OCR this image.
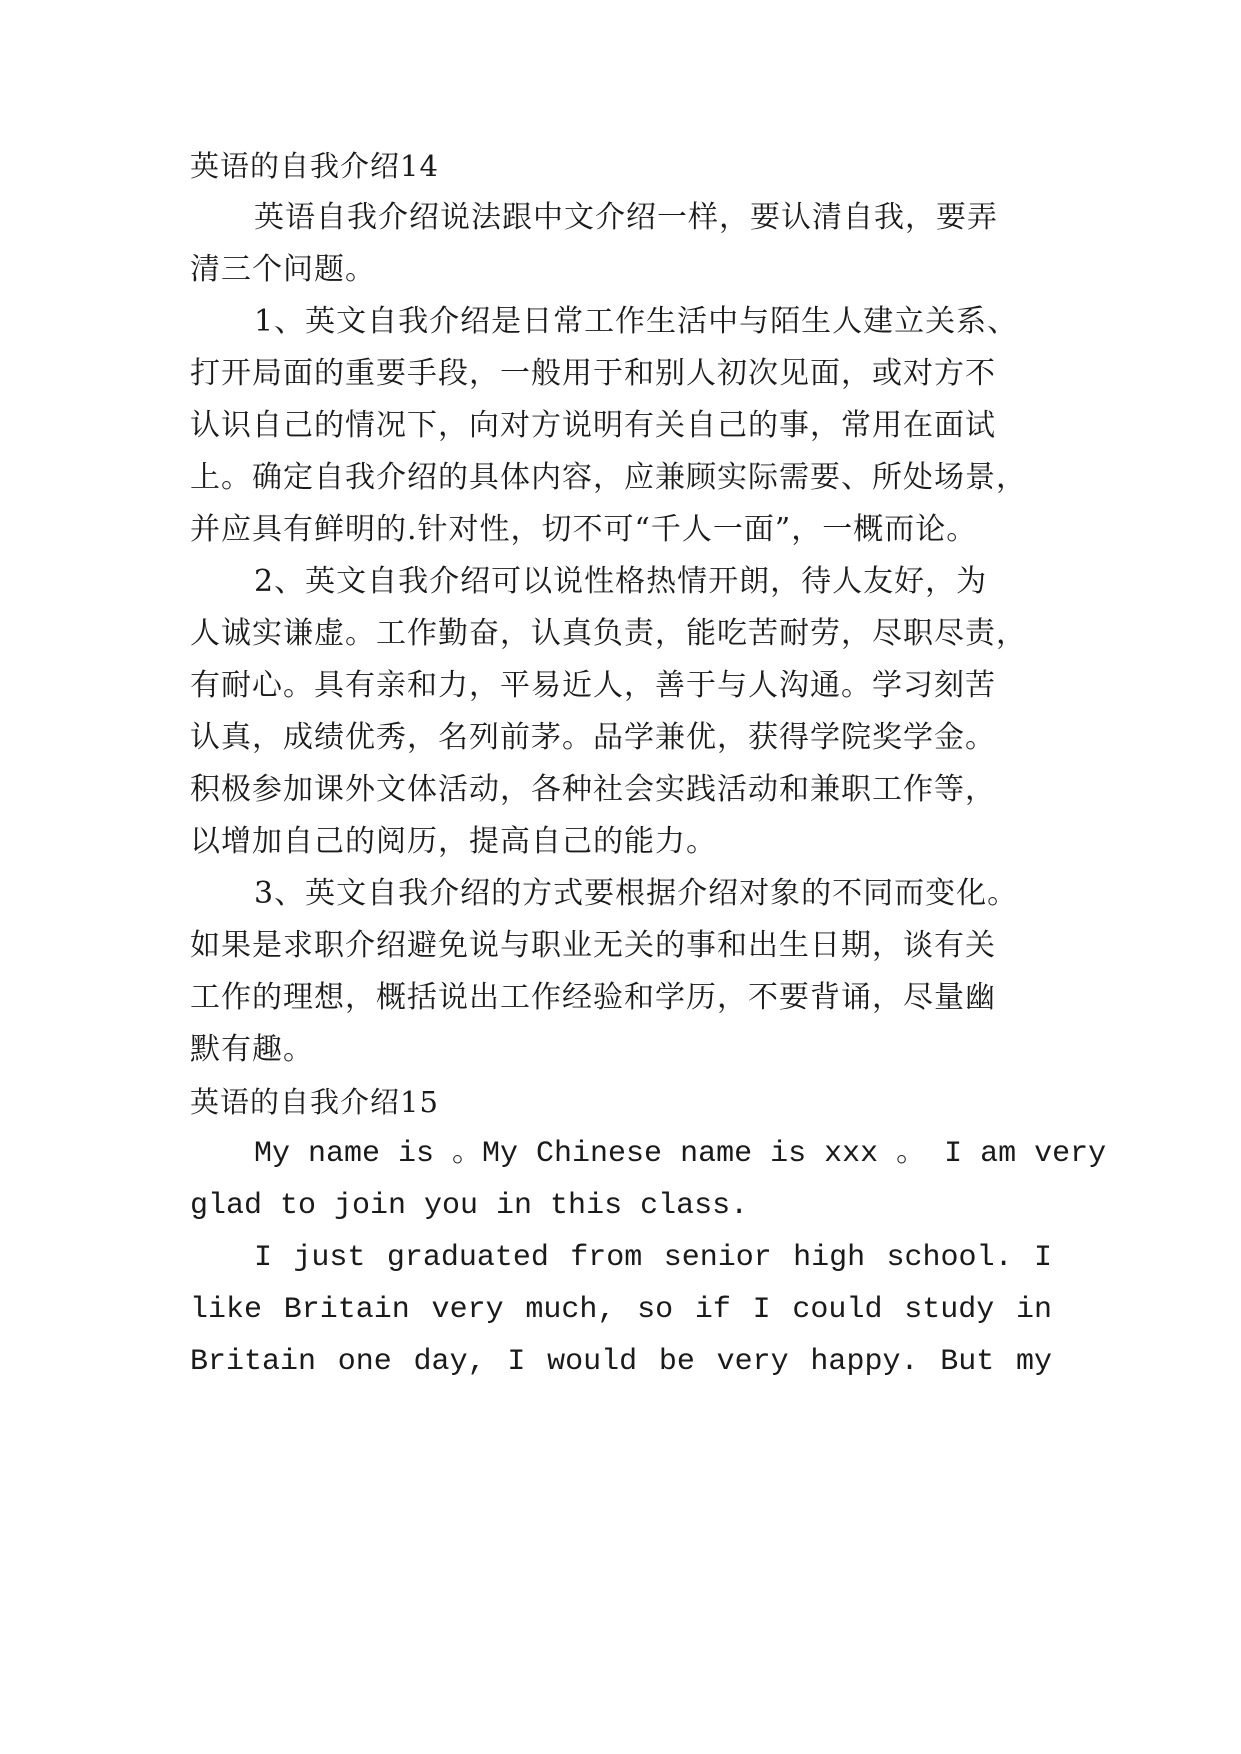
英语的自我介绍14
英语自我介绍说法跟中文介绍一样，要认清自我，要弄
清三个问题。
1、英文自我介绍是日常工作生活中与陌生人建立关系、
打开局面的重要手段，一般用于和别人初次见面，或对方不
认识自己的情况下，向对方说明有关自己的事，常用在面试
上。确定自我介绍的具体内容，应兼顾实际需要、所处场景，
并应具有鲜明的.针对性，切不可“千人一面”，一概而论。
2、英文自我介绍可以说性格热情开朗，待人友好，为
人诚实谦虚。工作勤奋，认真负责，能吃苦耐劳，尽职尽责，
有耐心。具有亲和力，平易近人，善于与人沟通。学习刻苦
认真，成绩优秀，名列前茅。品学兼优，获得学院奖学金。
积极参加课外文体活动，各种社会实践活动和兼职工作等，
以增加自己的阅历，提高自己的能力。
3、英文自我介绍的方式要根据介绍对象的不同而变化。
如果是求职介绍避免说与职业无关的事和出生日期，谈有关
工作的理想，概括说出工作经验和学历，不要背诵，尽量幽
默有趣。
英语的自我介绍15
My name is 。My Chinese name is xxx 。 I am very
glad to join you in this class.
I just graduated from senior high school. I
like Britain very much, so if I could study in
Britain one day, I would be very happy. But my
